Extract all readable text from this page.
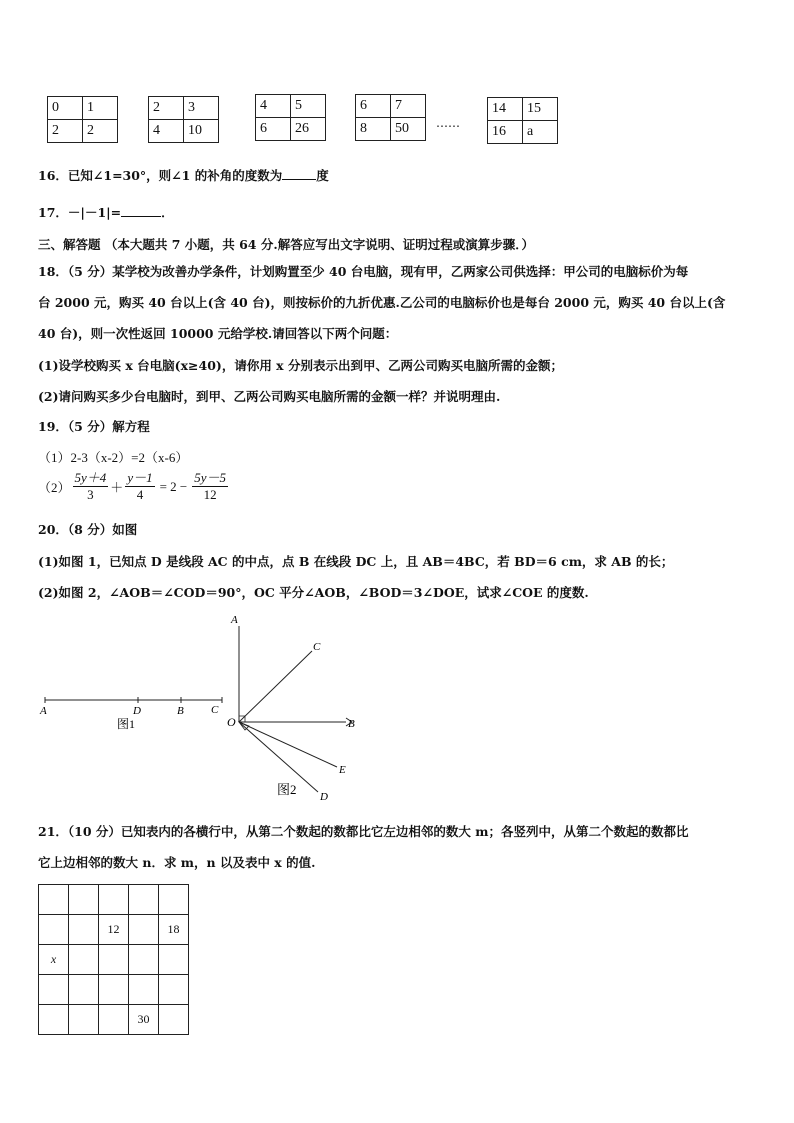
0	1
2	2
2	3
4	10
4	5
6	26
6	7
8	50 ……
14	15
16	a
16．已知∠1=30°，则∠1 的补角的度数为	度
17．－|－1|=	．
三、解答题 （本大题共 7 小题，共 64 分.解答应写出文字说明、证明过程或演算步骤．）
18．（5 分）某学校为改善办学条件，计划购置至少 40 台电脑，现有甲，乙两家公司供选择：甲公司的电脑标价为每
台 2000 元，购买 40 台以上(含 40 台)，则按标价的九折优惠.乙公司的电脑标价也是每台 2000 元，购买 40 台以上(含
40 台)，则一次性返回 10000 元给学校.请回答以下两个问题：
(1)设学校购买 x 台电脑(x≥40)，请你用 x 分别表示出到甲、乙两公司购买电脑所需的金额；
(2)请问购买多少台电脑时，到甲、乙两公司购买电脑所需的金额一样？并说明理由.
19．（5 分）解方程
（1）2-3（x-2）=2（x-6）
$(2) \frac{5y+4}{3} + \frac{y-1}{4} = 2 - \frac{5y-5}{12}$
20．（8 分）如图
(1)如图 1，已知点 D 是线段 AC 的中点，点 B 在线段 DC 上，且 AB＝4BC，若 BD＝6 cm，求 AB 的长；
(2)如图 2，∠AOB＝∠COD＝90°，OC 平分∠AOB，∠BOD＝3∠DOE，试求∠COE 的度数.
A	D	B C
图1
A
C
O	B
E
D
图2
21．（10 分）已知表内的各横行中，从第二个数起的数都比它左边相邻的数大 m；各竖列中，从第二个数起的数都比
它上边相邻的数大 n．求 m，n 以及表中 x 的值.

		12		18
x				

			30	
